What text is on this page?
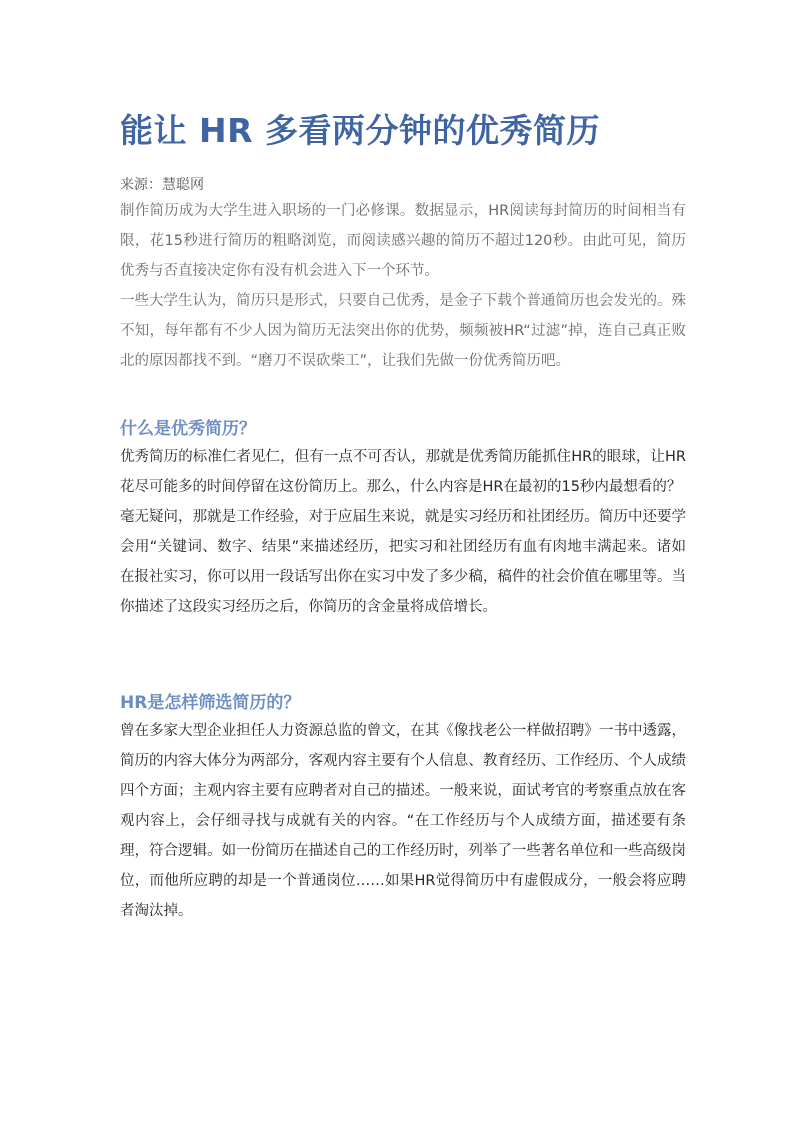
能让 HR 多看两分钟的优秀简历
来源：慧聪网

制作简历成为大学生进入职场的一门必修课。数据显示，HR阅读每封简历的时间相当有限，花15秒进行简历的粗略浏览，而阅读感兴趣的简历不超过120秒。由此可见，简历优秀与否直接决定你有没有机会进入下一个环节。

一些大学生认为，简历只是形式，只要自己优秀，是金子下载个普通简历也会发光的。殊不知，每年都有不少人因为简历无法突出你的优势，频频被HR“过滤”掉，连自己真正败北的原因都找不到。“磨刀不误砍柴工”，让我们先做一份优秀简历吧。

什么是优秀简历？

优秀简历的标准仁者见仁，但有一点不可否认，那就是优秀简历能抓住HR的眼球，让HR花尽可能多的时间停留在这份简历上。那么，什么内容是HR在最初的15秒内最想看的？

毫无疑问，那就是工作经验，对于应届生来说，就是实习经历和社团经历。简历中还要学会用“关键词、数字、结果”来描述经历，把实习和社团经历有血有肉地丰满起来。诸如在报社实习，你可以用一段话写出你在实习中发了多少稿，稿件的社会价值在哪里等。当你描述了这段实习经历之后，你简历的含金量将成倍增长。

HR是怎样筛选简历的？

曾在多家大型企业担任人力资源总监的曾文，在其《像找老公一样做招聘》一书中透露，简历的内容大体分为两部分，客观内容主要有个人信息、教育经历、工作经历、个人成绩四个方面；主观内容主要有应聘者对自己的描述。一般来说，面试考官的考察重点放在客观内容上，会仔细寻找与成就有关的内容。“在工作经历与个人成绩方面，描述要有条理，符合逻辑。如一份简历在描述自己的工作经历时，列举了一些著名单位和一些高级岗位，而他所应聘的却是一个普通岗位……如果HR觉得简历中有虚假成分，一般会将应聘者淘汰掉。
